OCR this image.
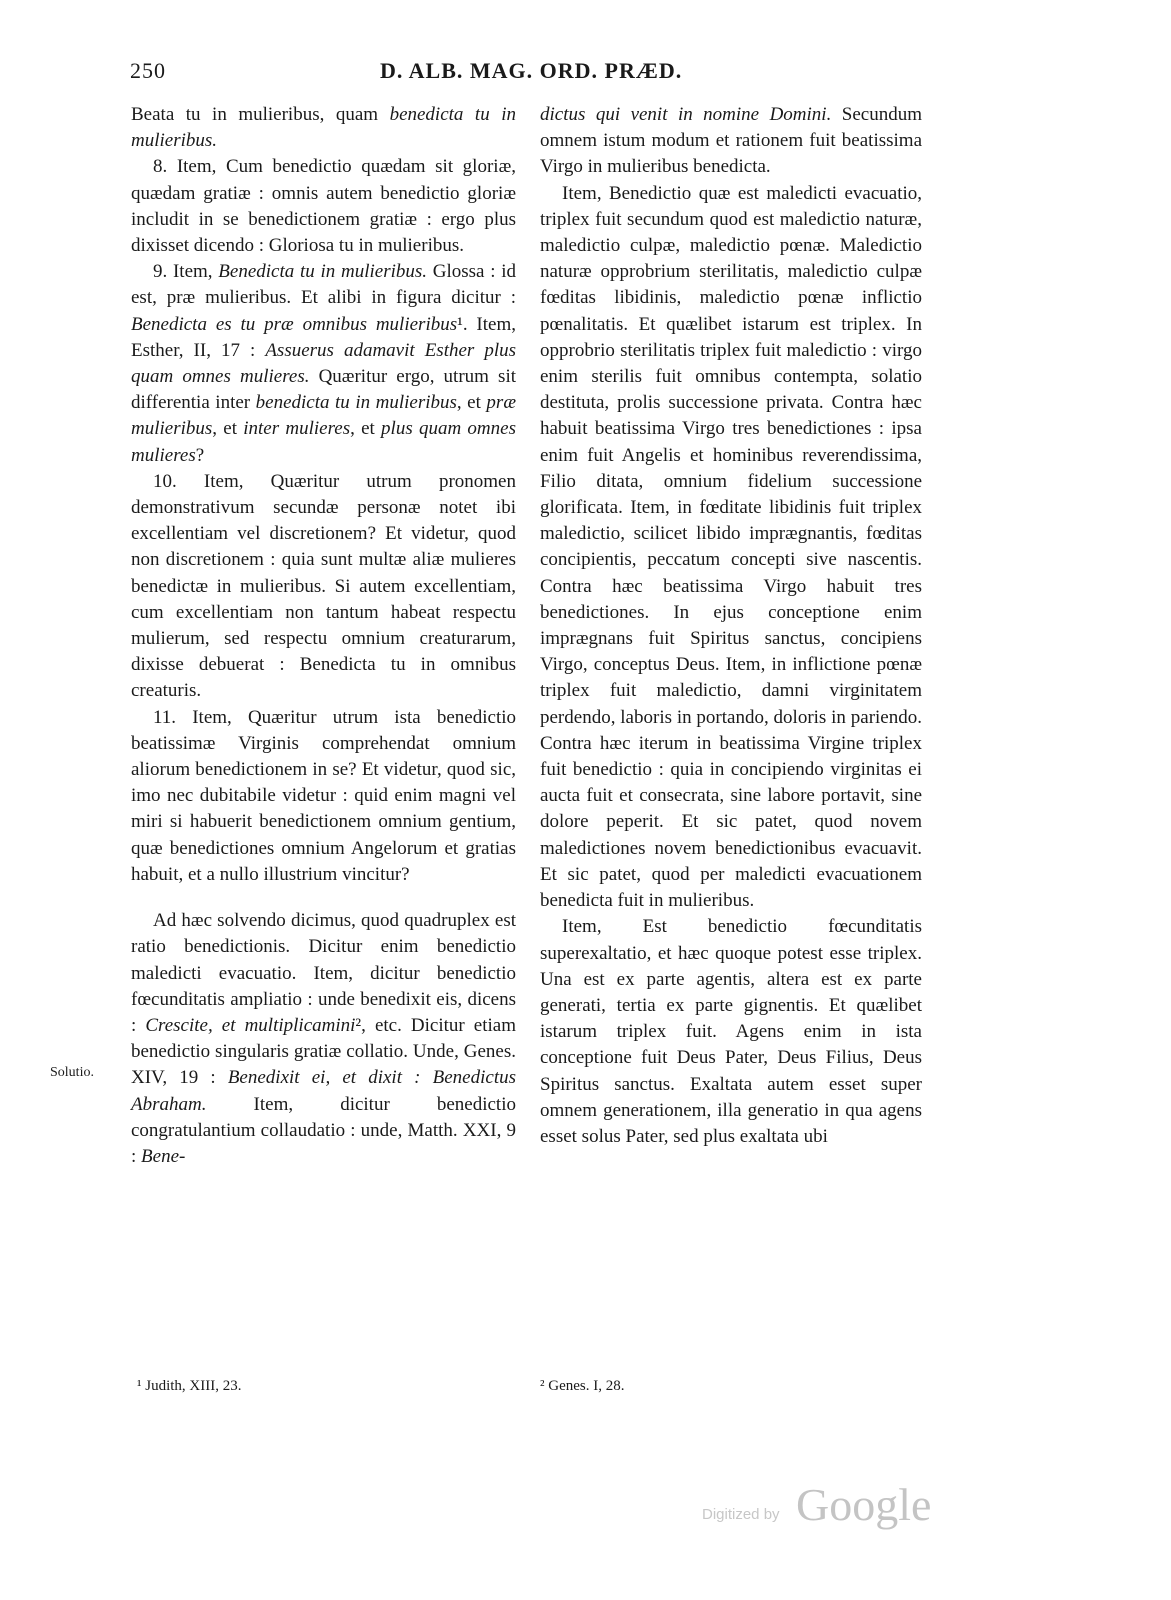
250	D. ALB. MAG. ORD. PRÆD.

Beata tu in mulieribus, quam benedicta tu in mulieribus.

8. Item, Cum benedictio quædam sit gloriæ, quædam gratiæ : omnis autem benedictio gloriæ includit in se benedictionem gratiæ : ergo plus dixisset dicendo : Gloriosa tu in mulieribus.

9. Item, Benedicta tu in mulieribus. Glossa : id est, præ mulieribus. Et alibi in figura dicitur : Benedicta es tu præ omnibus mulieribus¹. Item, Esther, II, 17 : Assuerus adamavit Esther plus quam omnes mulieres. Quæritur ergo, utrum sit differentia inter benedicta tu in mulieribus, et præ mulieribus, et inter mulieres, et plus quam omnes mulieres?

10. Item, Quæritur utrum pronomen demonstrativum secundæ personæ notet ibi excellentiam vel discretionem? Et videtur, quod non discretionem : quia sunt multæ aliæ mulieres benedictæ in mulieribus. Si autem excellentiam, cum excellentiam non tantum habeat respectu mulierum, sed respectu omnium creaturarum, dixisse debuerat : Benedicta tu in omnibus creaturis.

11. Item, Quæritur utrum ista benedictio beatissimæ Virginis comprehendat omnium aliorum benedictionem in se? Et videtur, quod sic, imo nec dubitabile videtur : quid enim magni vel miri si habuerit benedictionem omnium gentium, quæ benedictiones omnium Angelorum et gratias habuit, et a nullo illustrium vincitur?

Ad hæc solvendo dicimus, quod quadruplex est ratio benedictionis. Dicitur enim benedictio maledicti evacuatio. Item, dicitur benedictio fœcunditatis ampliatio : unde benedixit eis, dicens : Crescite, et multiplicamini², etc. Dicitur etiam benedictio singularis gratiæ collatio. Unde, Genes. XIV, 19 : Benedixit ei, et dixit : Benedictus Abraham. Item, dicitur benedictio congratulantium collaudatio : unde, Matth. XXI, 9 : Bene-

Solutio.

dictus qui venit in nomine Domini. Secundum omnem istum modum et rationem fuit beatissima Virgo in mulieribus benedicta.

Item, Benedictio quæ est maledicti evacuatio, triplex fuit secundum quod est maledictio naturæ, maledictio culpæ, maledictio pœnæ. Maledictio naturæ opprobrium sterilitatis, maledictio culpæ fœditas libidinis, maledictio pœnæ inflictio pœnalitatis. Et quælibet istarum est triplex. In opprobrio sterilitatis triplex fuit maledictio : virgo enim sterilis fuit omnibus contempta, solatio destituta, prolis successione privata. Contra hæc habuit beatissima Virgo tres benedictiones : ipsa enim fuit Angelis et hominibus reverendissima, Filio ditata, omnium fidelium successione glorificata. Item, in fœditate libidinis fuit triplex maledictio, scilicet libido imprægnantis, fœditas concipientis, peccatum concepti sive nascentis. Contra hæc beatissima Virgo habuit tres benedictiones. In ejus conceptione enim imprægnans fuit Spiritus sanctus, concipiens Virgo, conceptus Deus. Item, in inflictione pœnæ triplex fuit maledictio, damni virginitatem perdendo, laboris in portando, doloris in pariendo. Contra hæc iterum in beatissima Virgine triplex fuit benedictio : quia in concipiendo virginitas ei aucta fuit et consecrata, sine labore portavit, sine dolore peperit. Et sic patet, quod novem maledictiones novem benedictionibus evacuavit. Et sic patet, quod per maledicti evacuationem benedicta fuit in mulieribus.

Item, Est benedictio fœcunditatis superexaltatio, et hæc quoque potest esse triplex. Una est ex parte agentis, altera est ex parte generati, tertia ex parte gignentis. Et quælibet istarum triplex fuit. Agens enim in ista conceptione fuit Deus Pater, Deus Filius, Deus Spiritus sanctus. Exaltata autem esset super omnem generationem, illa generatio in qua agens esset solus Pater, sed plus exaltata ubi

¹ Judith, XIII, 23.	² Genes. I, 28.
Digitized by Google
